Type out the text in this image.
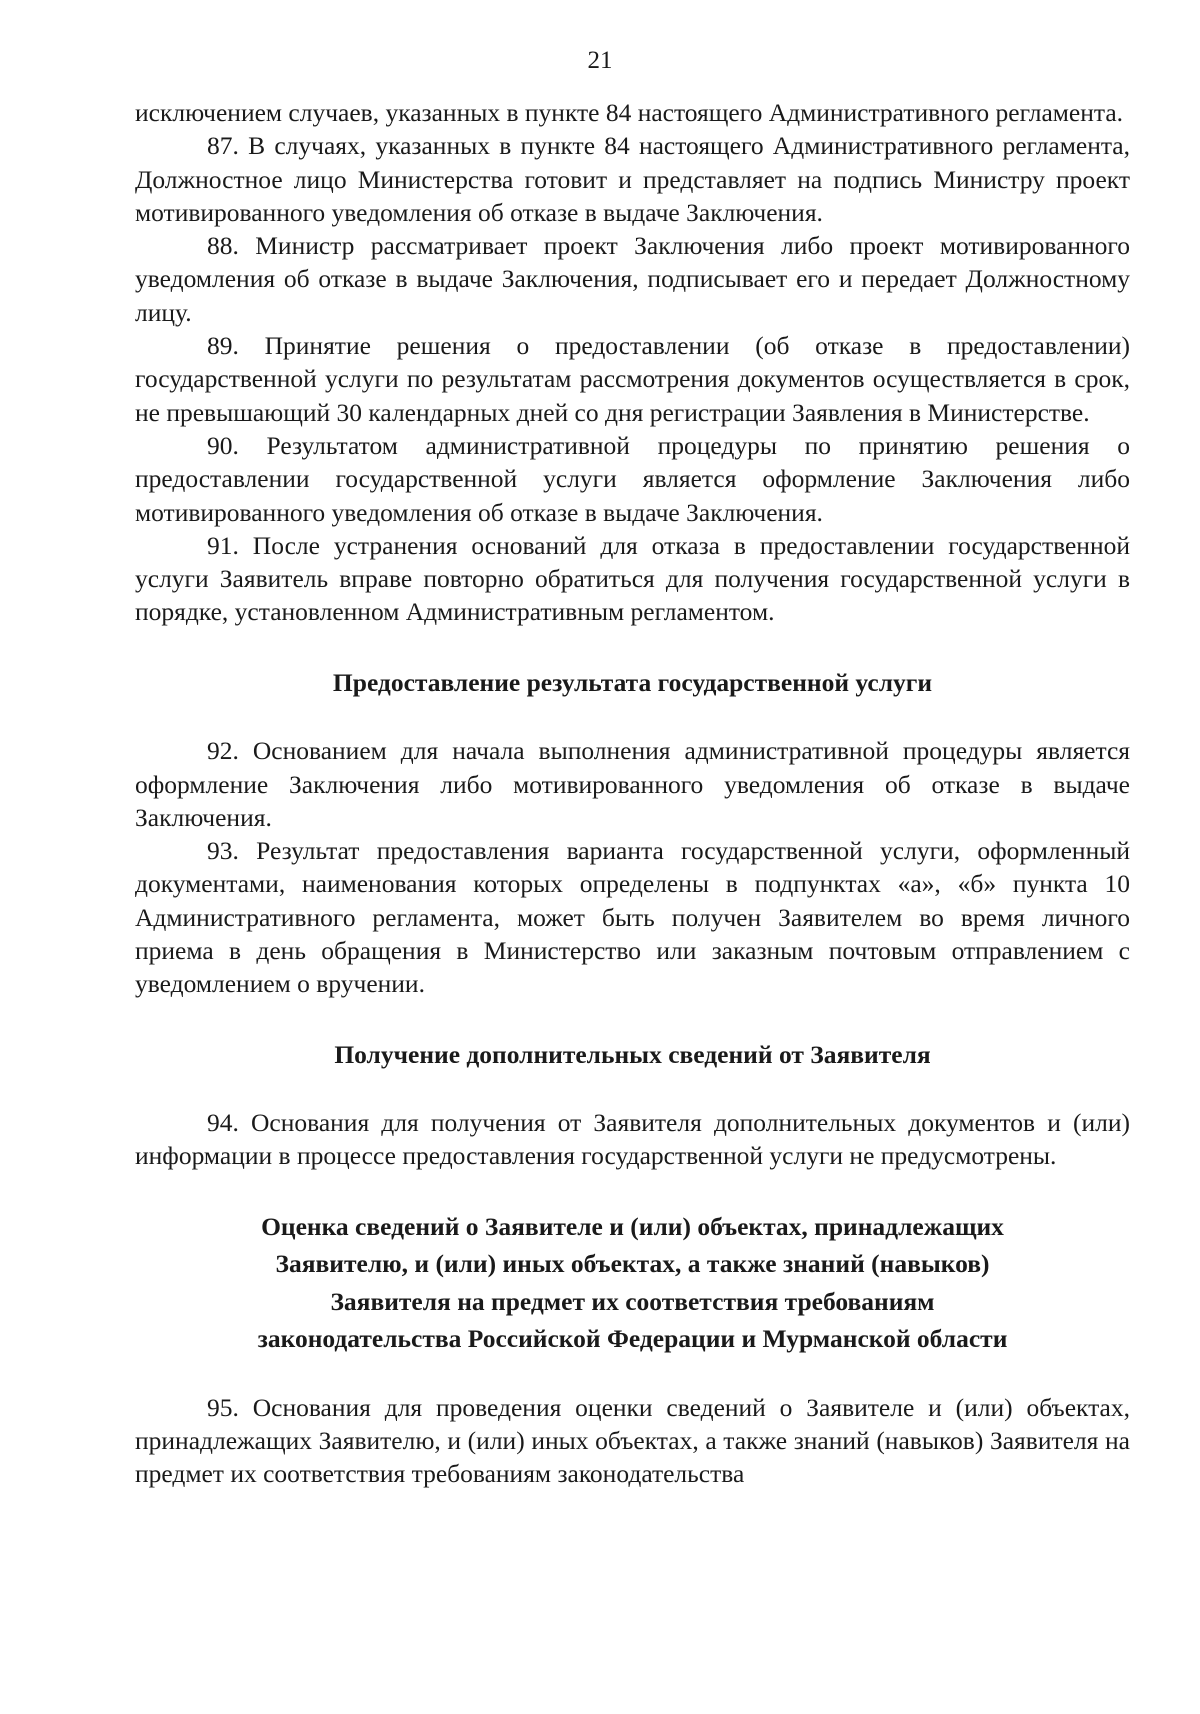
21

исключением случаев, указанных в пункте 84 настоящего Административного регламента.

87. В случаях, указанных в пункте 84 настоящего Административного регламента, Должностное лицо Министерства готовит и представляет на подпись Министру проект мотивированного уведомления об отказе в выдаче Заключения.

88. Министр рассматривает проект Заключения либо проект мотивированного уведомления об отказе в выдаче Заключения, подписывает его и передает Должностному лицу.

89. Принятие решения о предоставлении (об отказе в предоставлении) государственной услуги по результатам рассмотрения документов осуществляется в срок, не превышающий 30 календарных дней со дня регистрации Заявления в Министерстве.

90. Результатом административной процедуры по принятию решения о предоставлении государственной услуги является оформление Заключения либо мотивированного уведомления об отказе в выдаче Заключения.

91. После устранения оснований для отказа в предоставлении государственной услуги Заявитель вправе повторно обратиться для получения государственной услуги в порядке, установленном Административным регламентом.

Предоставление результата государственной услуги

92. Основанием для начала выполнения административной процедуры является оформление Заключения либо мотивированного уведомления об отказе в выдаче Заключения.

93. Результат предоставления варианта государственной услуги, оформленный документами, наименования которых определены в подпунктах «а», «б» пункта 10 Административного регламента, может быть получен Заявителем во время личного приема в день обращения в Министерство или заказным почтовым отправлением с уведомлением о вручении.

Получение дополнительных сведений от Заявителя

94. Основания для получения от Заявителя дополнительных документов и (или) информации в процессе предоставления государственной услуги не предусмотрены.

Оценка сведений о Заявителе и (или) объектах, принадлежащих

Заявителю, и (или) иных объектах, а также знаний (навыков)

Заявителя на предмет их соответствия требованиям

законодательства Российской Федерации и Мурманской области

95. Основания для проведения оценки сведений о Заявителе и (или) объектах, принадлежащих Заявителю, и (или) иных объектах, а также знаний (навыков) Заявителя на предмет их соответствия требованиям законодательства
